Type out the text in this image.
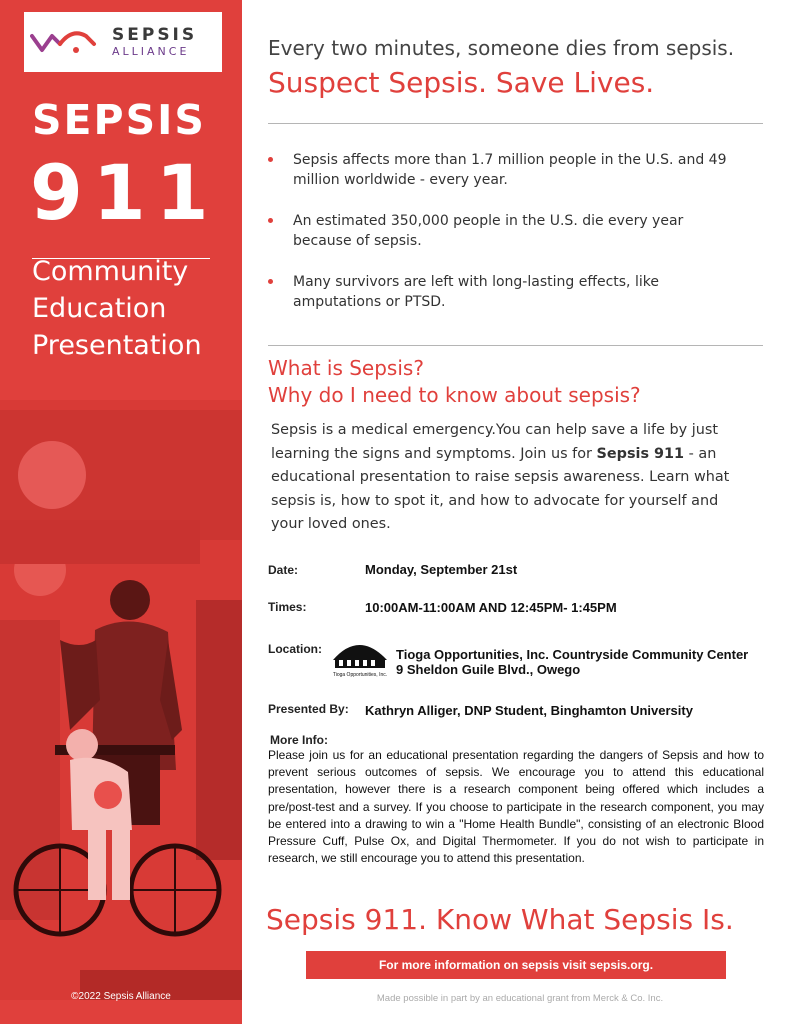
SEPSIS
ALLIANCE
SEPSIS
911
Community
Education
Presentation
©2022 Sepsis Alliance
Every two minutes, someone dies from sepsis.
Suspect Sepsis. Save Lives.
Sepsis affects more than 1.7 million people in the U.S. and 49 million worldwide - every year.
An estimated 350,000 people in the U.S. die every year because of sepsis.
Many survivors are left with long-lasting effects, like amputations or PTSD.
What is Sepsis?
Why do I need to know about sepsis?
Sepsis is a medical emergency.You can help save a life by just learning the signs and symptoms. Join us for Sepsis 911 - an educational presentation to raise sepsis awareness. Learn what sepsis is, how to spot it, and how to advocate for yourself and your loved ones.
Date:	Monday, September 21st
Times:	10:00AM-11:00AM AND 12:45PM- 1:45PM
Location:
Tioga Opportunities, Inc.
Tioga Opportunities, Inc. Countryside Community Center
9 Sheldon Guile Blvd., Owego
Presented By: Kathryn Alliger, DNP Student, Binghamton University
More Info:
Please join us for an educational presentation regarding the dangers of Sepsis and how to prevent serious outcomes of sepsis. We encourage you to attend this educational presentation, however there is a research component being offered which includes a pre/post-test and a survey. If you choose to participate in the research component, you may be entered into a drawing to win a "Home Health Bundle", consisting of an electronic Blood Pressure Cuff, Pulse Ox, and Digital Thermometer. If you do not wish to participate in research, we still encourage you to attend this presentation.
Sepsis 911. Know What Sepsis Is.
For more information on sepsis visit sepsis.org.
Made possible in part by an educational grant from Merck & Co. Inc.
